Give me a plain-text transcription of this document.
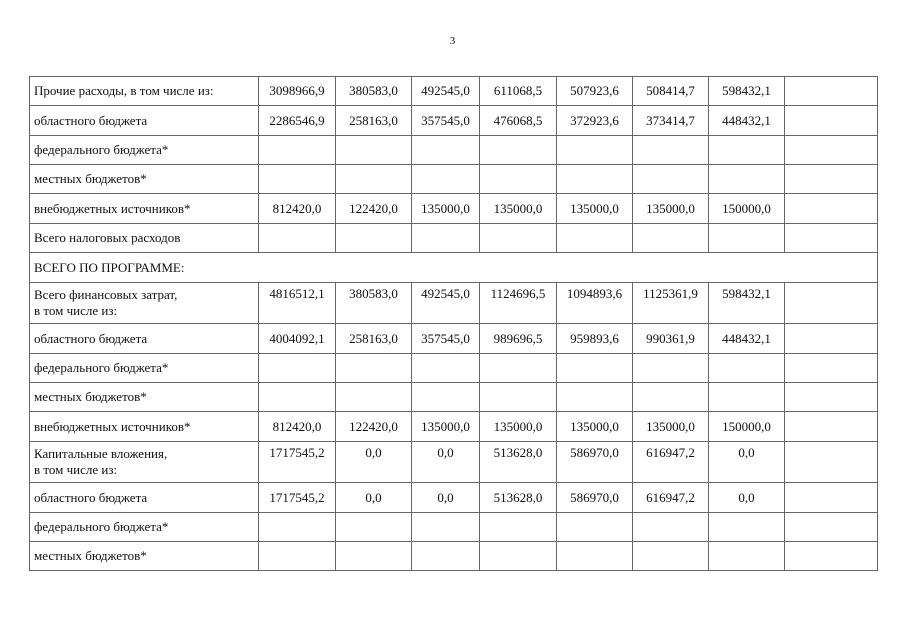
3
Прочие расходы, в том числе из:	3098966,9	380583,0	492545,0	611068,5	507923,6	508414,7	598432,1	
областного бюджета	2286546,9	258163,0	357545,0	476068,5	372923,6	373414,7	448432,1	
федерального бюджета*								
местных бюджетов*								
внебюджетных источников*	812420,0	122420,0	135000,0	135000,0	135000,0	135000,0	150000,0	
Всего налоговых расходов								
ВСЕГО ПО ПРОГРАММЕ:								
Всего финансовых затрат,
в том числе из:	4816512,1	380583,0	492545,0	1124696,5	1094893,6	1125361,9	598432,1	
областного бюджета	4004092,1	258163,0	357545,0	989696,5	959893,6	990361,9	448432,1	
федерального бюджета*								
местных бюджетов*								
внебюджетных источников*	812420,0	122420,0	135000,0	135000,0	135000,0	135000,0	150000,0	
Капитальные вложения,
в том числе из:	1717545,2	0,0	0,0	513628,0	586970,0	616947,2	0,0	
областного бюджета	1717545,2	0,0	0,0	513628,0	586970,0	616947,2	0,0	
федерального бюджета*								
местных бюджетов*								
